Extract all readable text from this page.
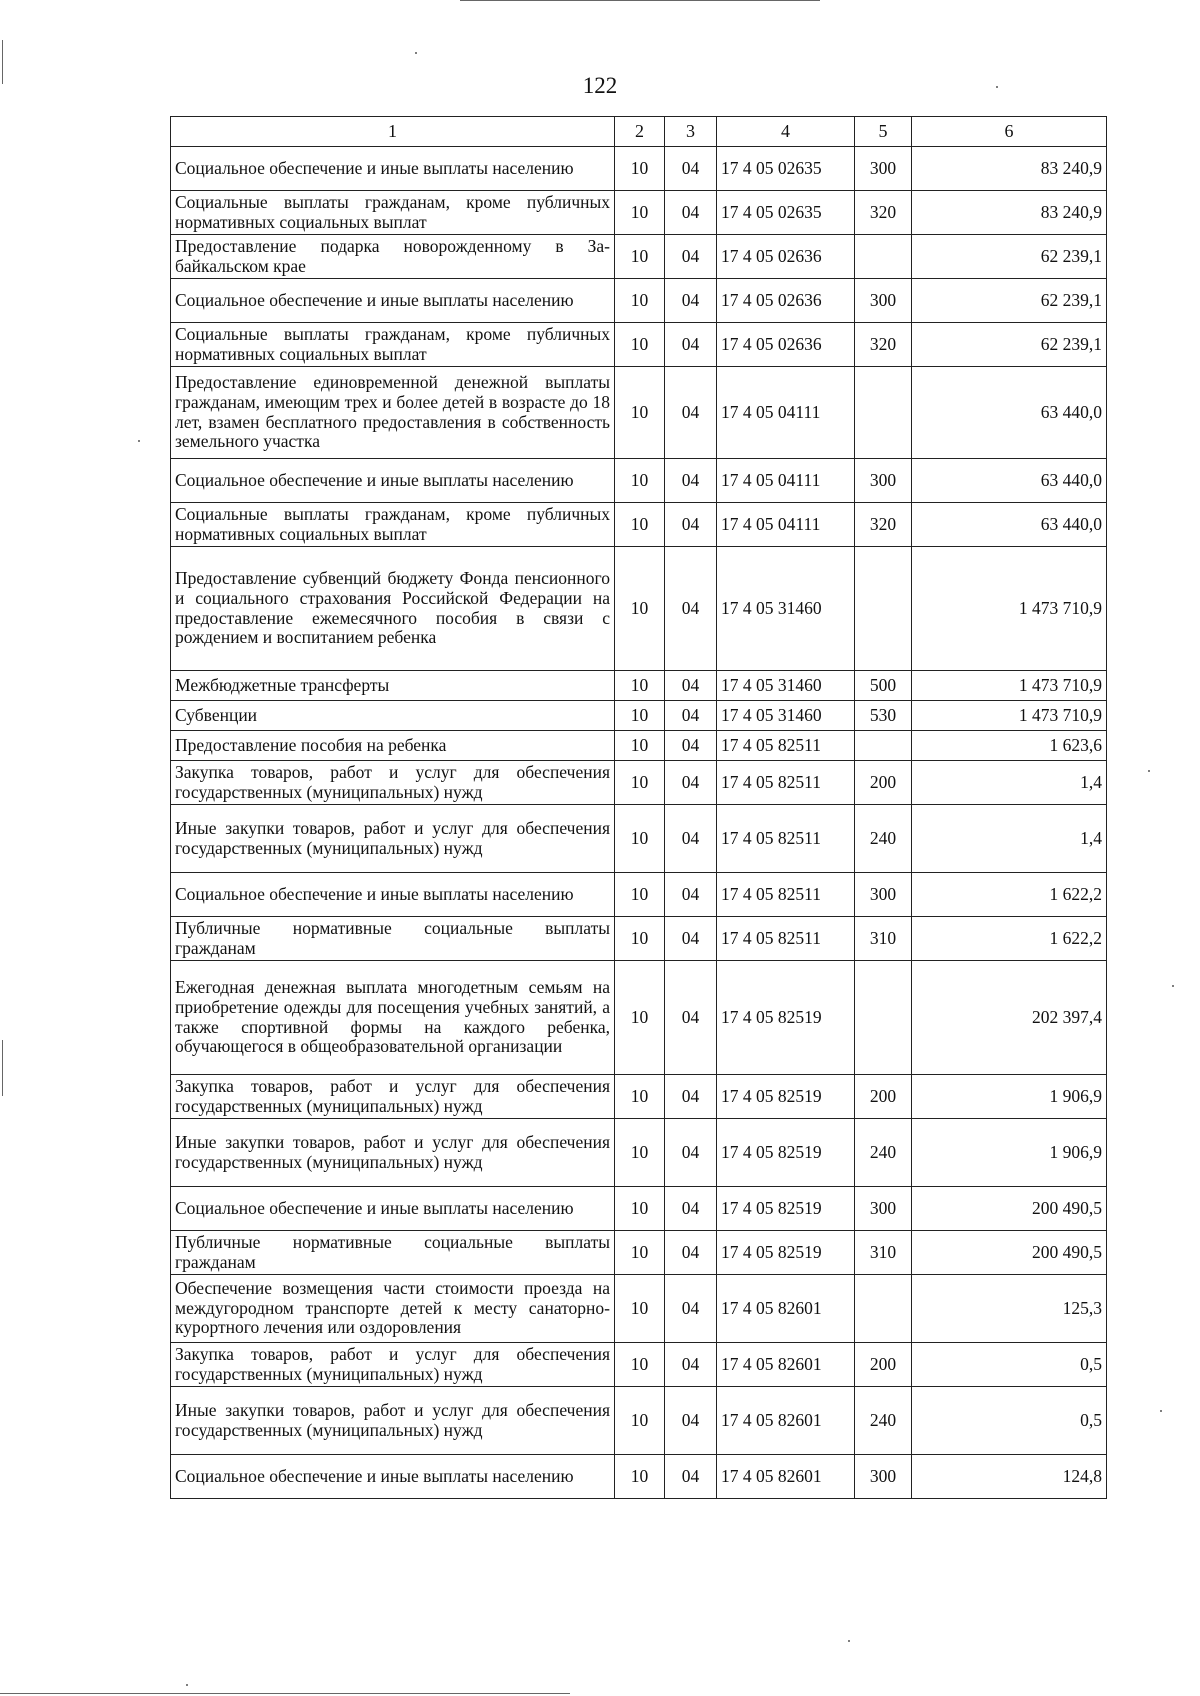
122
1	2	3	4	5	6
Социальное обеспечение и иные выплаты населению	10	04	17 4 05 02635	300	83 240,9
Социальные выплаты гражданам, кроме публичных нормативных социальных выплат	10	04	17 4 05 02635	320	83 240,9
Предоставление подарка новорожденному в Забайкальском крае	10	04	17 4 05 02636		62 239,1
Социальное обеспечение и иные выплаты населению	10	04	17 4 05 02636	300	62 239,1
Социальные выплаты гражданам, кроме публичных нормативных социальных выплат	10	04	17 4 05 02636	320	62 239,1
Предоставление единовременной денежной выплаты гражданам, имеющим трех и более детей в возрасте до 18 лет, взамен бесплатного предоставления в собственность земельного участка	10	04	17 4 05 04111		63 440,0
Социальное обеспечение и иные выплаты населению	10	04	17 4 05 04111	300	63 440,0
Социальные выплаты гражданам, кроме публичных нормативных социальных выплат	10	04	17 4 05 04111	320	63 440,0
Предоставление субвенций бюджету Фонда пенсионного и социального страхования Российской Федерации на предоставление ежемесячного пособия в связи с рождением и воспитанием ребенка	10	04	17 4 05 31460		1 473 710,9
Межбюджетные трансферты	10	04	17 4 05 31460	500	1 473 710,9
Субвенции	10	04	17 4 05 31460	530	1 473 710,9
Предоставление пособия на ребенка	10	04	17 4 05 82511		1 623,6
Закупка товаров, работ и услуг для обеспечения государственных (муниципальных) нужд	10	04	17 4 05 82511	200	1,4
Иные закупки товаров, работ и услуг для обеспечения государственных (муниципальных) нужд	10	04	17 4 05 82511	240	1,4
Социальное обеспечение и иные выплаты населению	10	04	17 4 05 82511	300	1 622,2
Публичные нормативные социальные выплаты гражданам	10	04	17 4 05 82511	310	1 622,2
Ежегодная денежная выплата многодетным семьям на приобретение одежды для посещения учебных занятий, а также спортивной формы на каждого ребенка, обучающегося в общеобразовательной организации	10	04	17 4 05 82519		202 397,4
Закупка товаров, работ и услуг для обеспечения государственных (муниципальных) нужд	10	04	17 4 05 82519	200	1 906,9
Иные закупки товаров, работ и услуг для обеспечения государственных (муниципальных) нужд	10	04	17 4 05 82519	240	1 906,9
Социальное обеспечение и иные выплаты населению	10	04	17 4 05 82519	300	200 490,5
Публичные нормативные социальные выплаты гражданам	10	04	17 4 05 82519	310	200 490,5
Обеспечение возмещения части стоимости проезда на междугородном транспорте детей к месту санаторно-курортного лечения или оздоровления	10	04	17 4 05 82601		125,3
Закупка товаров, работ и услуг для обеспечения государственных (муниципальных) нужд	10	04	17 4 05 82601	200	0,5
Иные закупки товаров, работ и услуг для обеспечения государственных (муниципальных) нужд	10	04	17 4 05 82601	240	0,5
Социальное обеспечение и иные выплаты населению	10	04	17 4 05 82601	300	124,8
